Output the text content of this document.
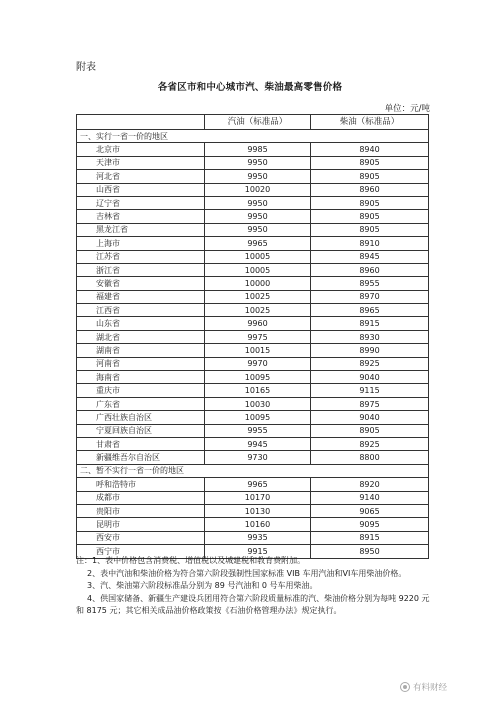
附表
各省区市和中心城市汽、柴油最高零售价格
单位：元/吨
	汽油（标准品）	柴油（标准品）
一、实行一省一价的地区		
北京市	9985	8940
天津市	9950	8905
河北省	9950	8905
山西省	10020	8960
辽宁省	9950	8905
吉林省	9950	8905
黑龙江省	9950	8905
上海市	9965	8910
江苏省	10005	8945
浙江省	10005	8960
安徽省	10000	8955
福建省	10025	8970
江西省	10025	8965
山东省	9960	8915
湖北省	9975	8930
湖南省	10015	8990
河南省	9970	8925
海南省	10095	9040
重庆市	10165	9115
广东省	10030	8975
广西壮族自治区	10095	9040
宁夏回族自治区	9955	8905
甘肃省	9945	8925
新疆维吾尔自治区	9730	8800
二、暂不实行一省一价的地区		
呼和浩特市	9965	8920
成都市	10170	9140
贵阳市	10130	9065
昆明市	10160	9095
西安市	9935	8915
西宁市	9915	8950

注：1、表中价格包含消费税、增值税以及城建税和教育费附加。

2、表中汽油和柴油价格为符合第六阶段强制性国家标准 VIB 车用汽油和VI车用柴油价格。

3、汽、柴油第六阶段标准品分别为 89 号汽油和 0 号车用柴油。

4、供国家储备、新疆生产建设兵团用符合第六阶段质量标准的汽、柴油价格分别为每吨 9220 元和 8175 元；其它相关成品油价格政策按《石油价格管理办法》规定执行。

有料财经
